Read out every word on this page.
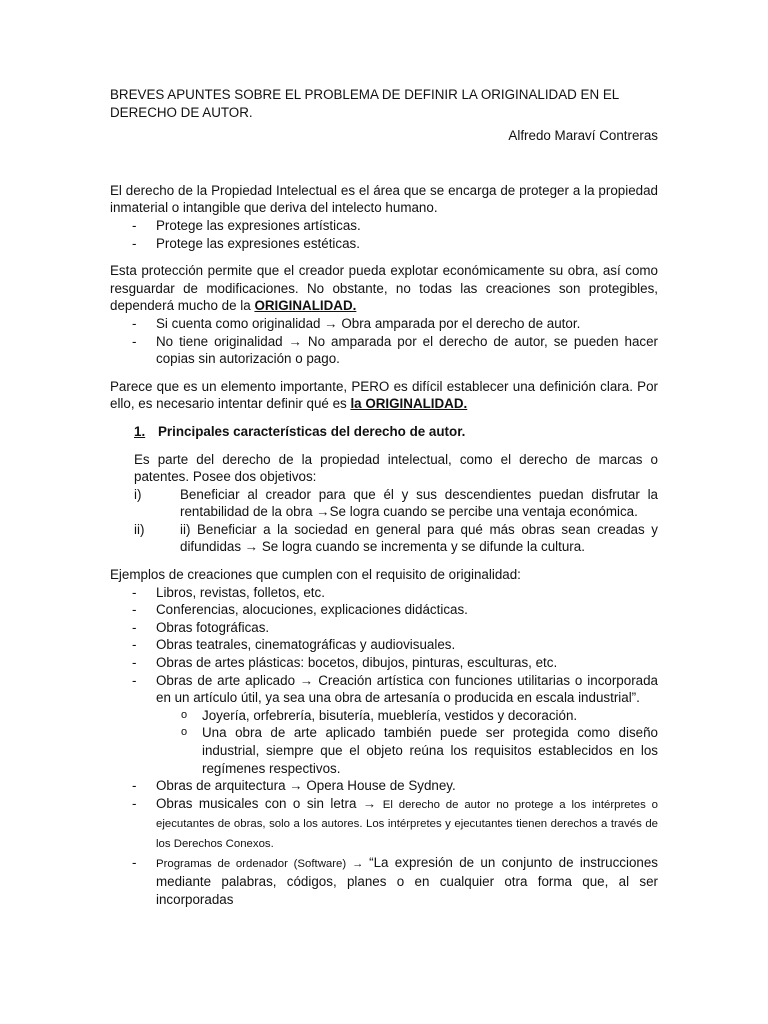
BREVES APUNTES SOBRE EL PROBLEMA DE DEFINIR LA ORIGINALIDAD EN EL DERECHO DE AUTOR.

Alfredo Maraví Contreras

El derecho de la Propiedad Intelectual es el área que se encarga de proteger a la propiedad inmaterial o intangible que deriva del intelecto humano.

- Protege las expresiones artísticas.
- Protege las expresiones estéticas.

Esta protección permite que el creador pueda explotar económicamente su obra, así como resguardar de modificaciones. No obstante, no todas las creaciones son protegibles, dependerá mucho de la ORIGINALIDAD.

- Si cuenta como originalidad → Obra amparada por el derecho de autor.
- No tiene originalidad → No amparada por el derecho de autor, se pueden hacer copias sin autorización o pago.

Parece que es un elemento importante, PERO es difícil establecer una definición clara. Por ello, es necesario intentar definir qué es la ORIGINALIDAD.

1. Principales características del derecho de autor.

Es parte del derecho de la propiedad intelectual, como el derecho de marcas o patentes. Posee dos objetivos:

i)	Beneficiar al creador para que él y sus descendientes puedan disfrutar la rentabilidad de la obra →Se logra cuando se percibe una ventaja económica.
ii)	ii) Beneficiar a la sociedad en general para qué más obras sean creadas y difundidas → Se logra cuando se incrementa y se difunde la cultura.

Ejemplos de creaciones que cumplen con el requisito de originalidad:

- Libros, revistas, folletos, etc.
- Conferencias, alocuciones, explicaciones didácticas.
- Obras fotográficas.
- Obras teatrales, cinematográficas y audiovisuales.
- Obras de artes plásticas: bocetos, dibujos, pinturas, esculturas, etc.
- Obras de arte aplicado → Creación artística con funciones utilitarias o incorporada en un artículo útil, ya sea una obra de artesanía o producida en escala industrial”.
o Joyería, orfebrería, bisutería, mueblería, vestidos y decoración.
o Una obra de arte aplicado también puede ser protegida como diseño industrial, siempre que el objeto reúna los requisitos establecidos en los regímenes respectivos.
- Obras de arquitectura → Opera House de Sydney.
- Obras musicales con o sin letra → El derecho de autor no protege a los intérpretes o ejecutantes de obras, solo a los autores. Los intérpretes y ejecutantes tienen derechos a través de los Derechos Conexos.
- Programas de ordenador (Software) → “La expresión de un conjunto de instrucciones mediante palabras, códigos, planes o en cualquier otra forma que, al ser incorporadas
